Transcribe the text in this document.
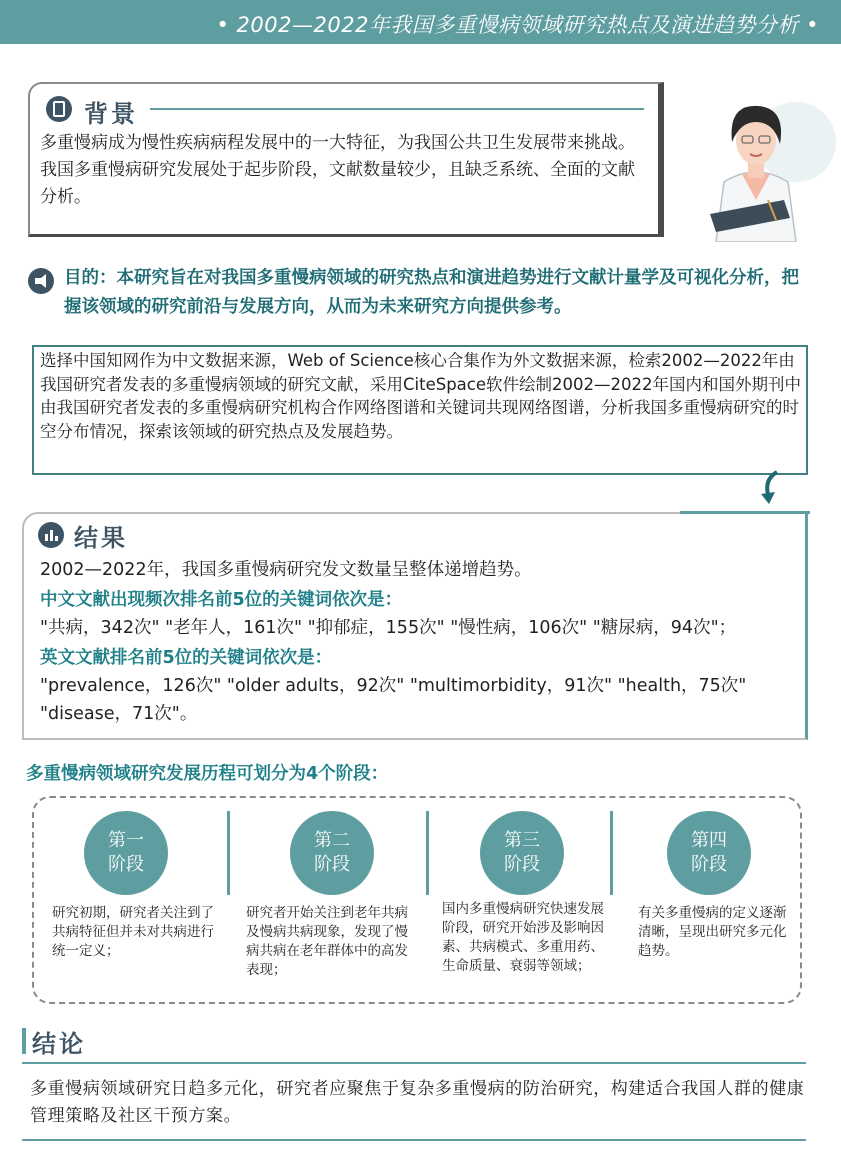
• 2002—2022年我国多重慢病领域研究热点及演进趋势分析 •
背景
多重慢病成为慢性疾病病程发展中的一大特征，为我国公共卫生发展带来挑战。我国多重慢病研究发展处于起步阶段，文献数量较少，且缺乏系统、全面的文献分析。
目的：本研究旨在对我国多重慢病领域的研究热点和演进趋势进行文献计量学及可视化分析，把握该领域的研究前沿与发展方向，从而为未来研究方向提供参考。
选择中国知网作为中文数据来源，Web of Science核心合集作为外文数据来源，检索2002—2022年由我国研究者发表的多重慢病领域的研究文献，采用CiteSpace软件绘制2002—2022年国内和国外期刊中由我国研究者发表的多重慢病研究机构合作网络图谱和关键词共现网络图谱，分析我国多重慢病研究的时空分布情况，探索该领域的研究热点及发展趋势。
结果
2002—2022年，我国多重慢病研究发文数量呈整体递增趋势。
中文文献出现频次排名前5位的关键词依次是：
"共病，342次" "老年人，161次" "抑郁症，155次" "慢性病，106次" "糖尿病，94次"；
英文文献排名前5位的关键词依次是：
"prevalence，126次" "older adults，92次" "multimorbidity，91次" "health，75次"
"disease，71次"。
多重慢病领域研究发展历程可划分为4个阶段：
第一
阶段
第二
阶段
第三
阶段
第四
阶段
研究初期，研究者关注到了共病特征但并未对共病进行统一定义；
研究者开始关注到老年共病及慢病共病现象，发现了慢病共病在老年群体中的高发表现；
国内多重慢病研究快速发展阶段，研究开始涉及影响因素、共病模式、多重用药、生命质量、衰弱等领域；
有关多重慢病的定义逐渐清晰，呈现出研究多元化趋势。
结论
多重慢病领域研究日趋多元化，研究者应聚焦于复杂多重慢病的防治研究，构建适合我国人群的健康管理策略及社区干预方案。
